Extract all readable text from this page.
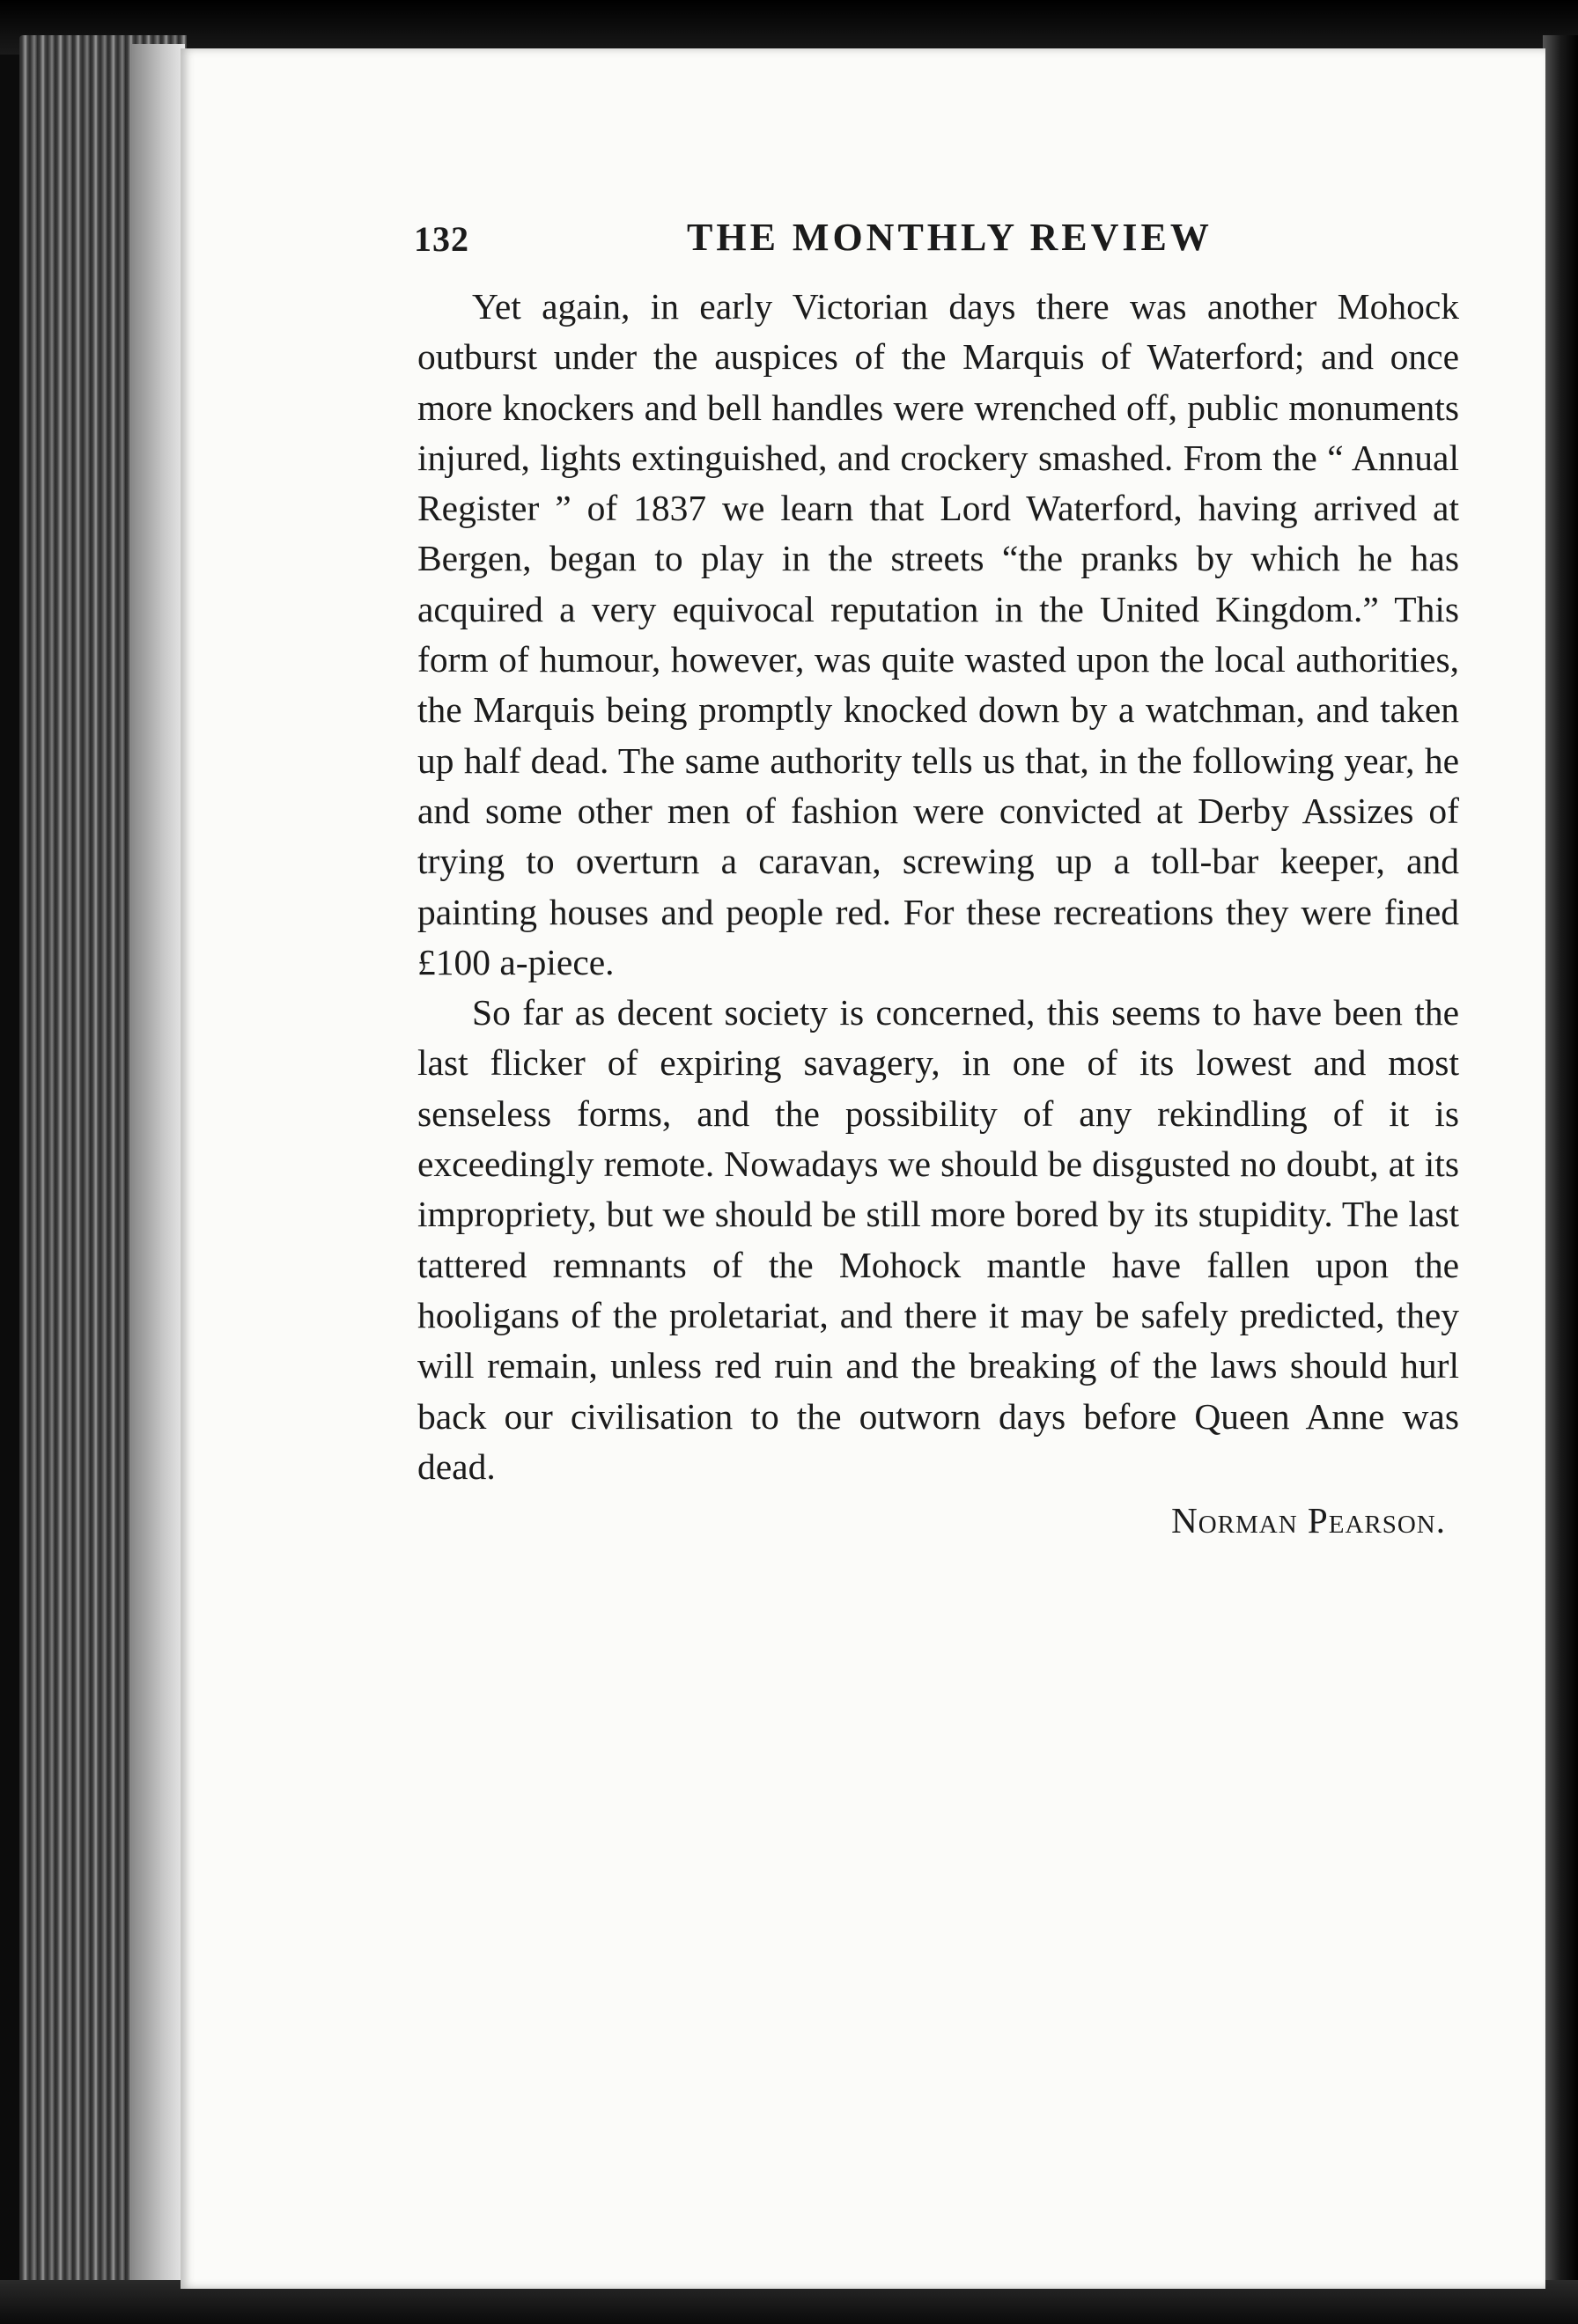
132	THE MONTHLY REVIEW

Yet again, in early Victorian days there was another Mohock outburst under the auspices of the Marquis of Waterford; and once more knockers and bell handles were wrenched off, public monuments injured, lights extinguished, and crockery smashed. From the “ Annual Register ” of 1837 we learn that Lord Waterford, having arrived at Bergen, began to play in the streets “the pranks by which he has acquired a very equivocal reputation in the United Kingdom.” This form of humour, however, was quite wasted upon the local authorities, the Marquis being promptly knocked down by a watchman, and taken up half dead. The same authority tells us that, in the following year, he and some other men of fashion were convicted at Derby Assizes of trying to overturn a caravan, screwing up a toll-bar keeper, and painting houses and people red. For these recreations they were fined £100 a-piece.

So far as decent society is concerned, this seems to have been the last flicker of expiring savagery, in one of its lowest and most senseless forms, and the possibility of any rekindling of it is exceedingly remote. Nowadays we should be disgusted no doubt, at its impropriety, but we should be still more bored by its stupidity. The last tattered remnants of the Mohock mantle have fallen upon the hooligans of the proletariat, and there it may be safely predicted, they will remain, unless red ruin and the breaking of the laws should hurl back our civilisation to the outworn days before Queen Anne was dead.

Norman Pearson.
